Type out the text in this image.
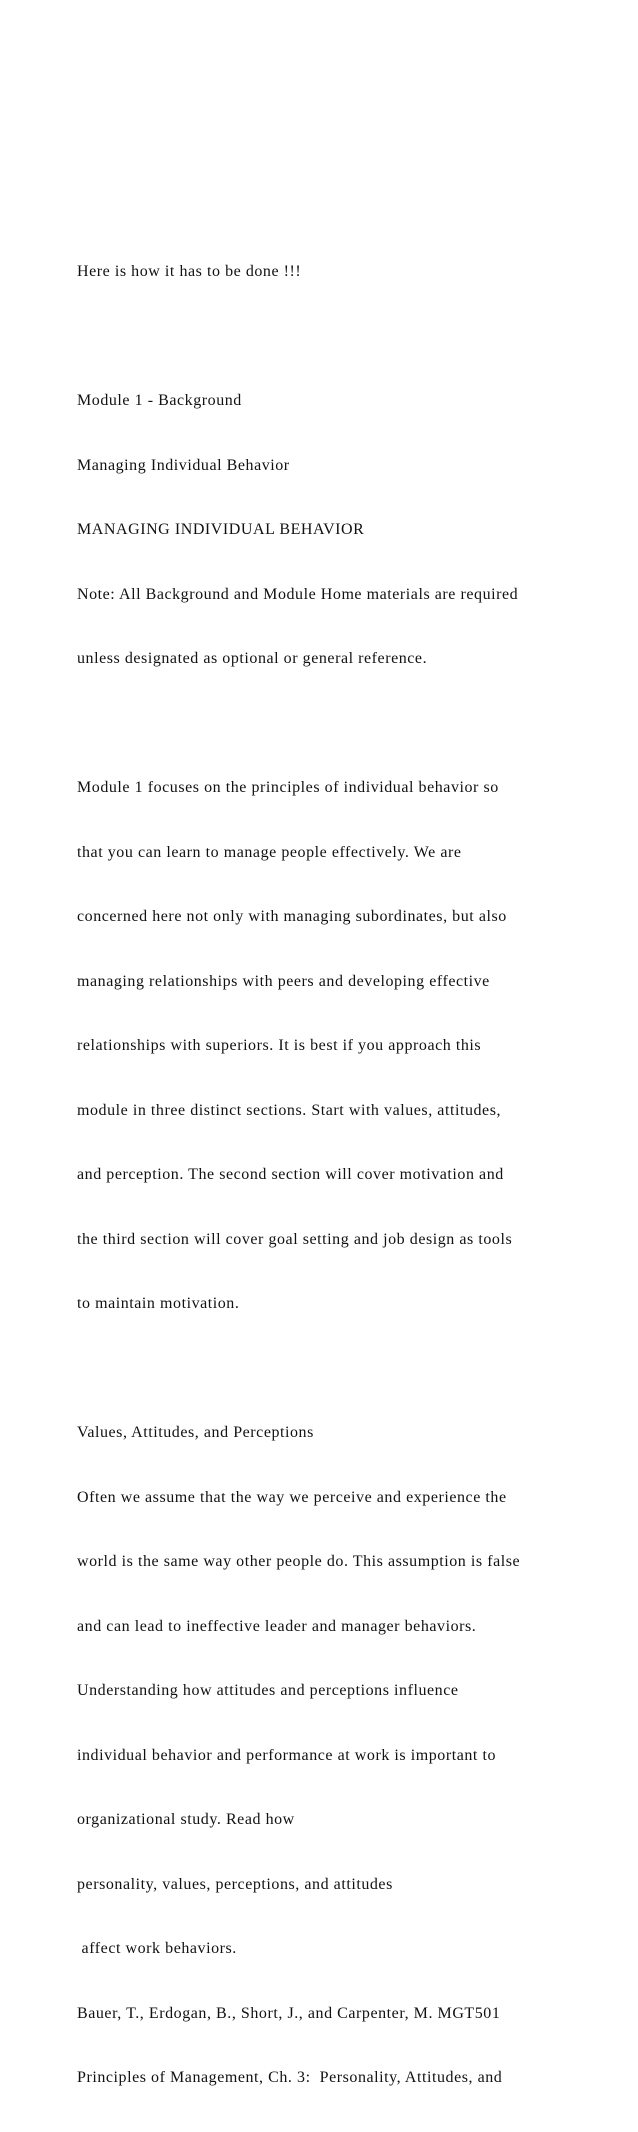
Here is how it has to be done !!!

Module 1 - Background

Managing Individual Behavior

MANAGING INDIVIDUAL BEHAVIOR

Note: All Background and Module Home materials are required

unless designated as optional or general reference.

Module 1 focuses on the principles of individual behavior so

that you can learn to manage people effectively. We are

concerned here not only with managing subordinates, but also

managing relationships with peers and developing effective

relationships with superiors. It is best if you approach this

module in three distinct sections. Start with values, attitudes,

and perception. The second section will cover motivation and

the third section will cover goal setting and job design as tools

to maintain motivation.

Values, Attitudes, and Perceptions

Often we assume that the way we perceive and experience the

world is the same way other people do. This assumption is false

and can lead to ineffective leader and manager behaviors.

Understanding how attitudes and perceptions influence

individual behavior and performance at work is important to

organizational study. Read how

personality, values, perceptions, and attitudes

affect work behaviors.

Bauer, T., Erdogan, B., Short, J., and Carpenter, M. MGT501

Principles of Management, Ch. 3:  Personality, Attitudes, and
